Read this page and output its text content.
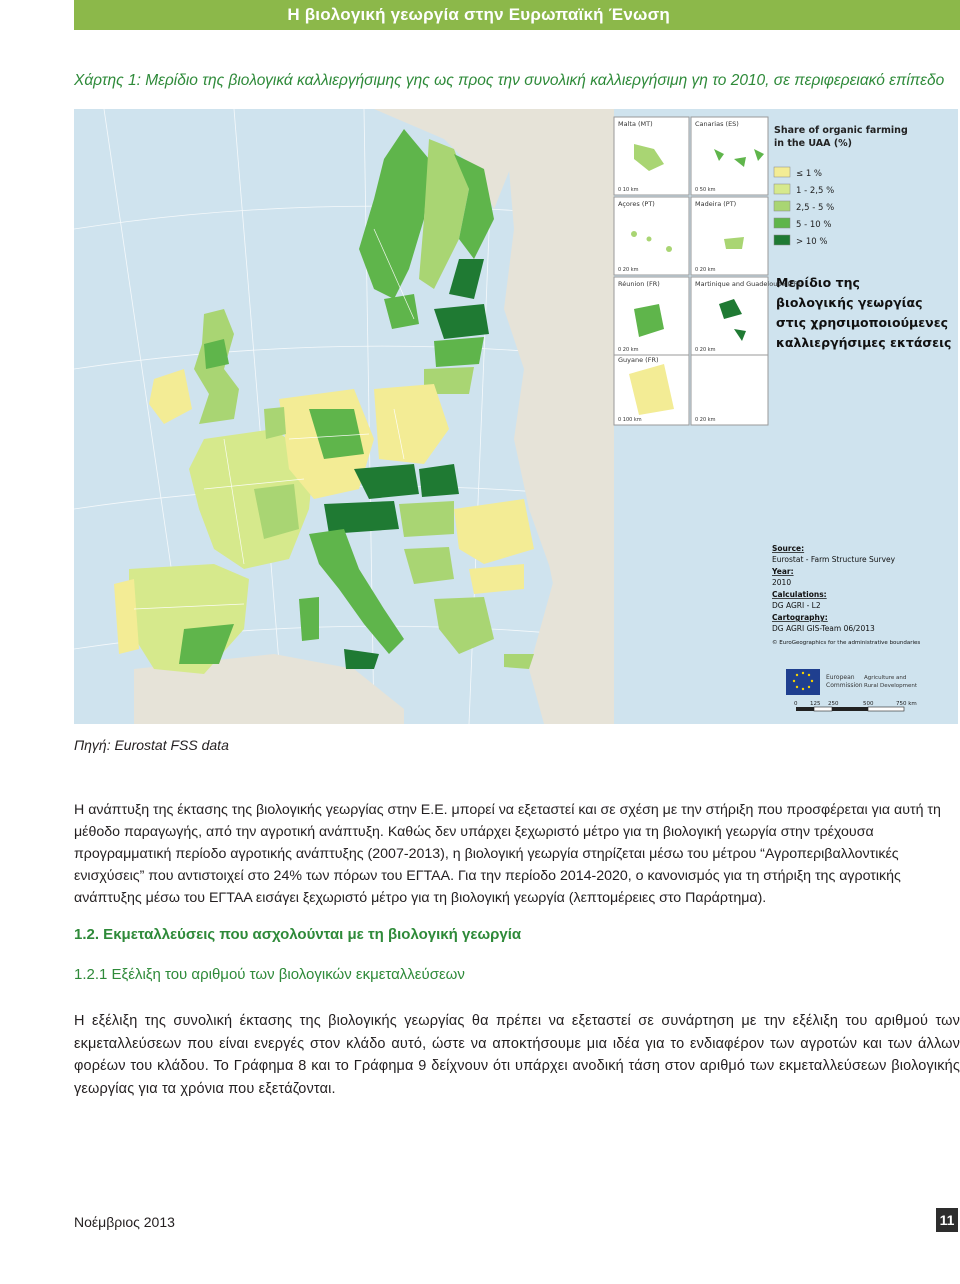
Η βιολογική γεωργία στην Ευρωπαϊκή Ένωση
Χάρτης 1: Μερίδιο της βιολογικά καλλιεργήσιμης γης ως προς την συνολική καλλιεργήσιμη γη το 2010, σε περιφερειακό επίπεδο
Malta (MT)	Canarias (ES)
Açores (PT)	Madeira (PT)
Réunion (FR)	Martinique and Guadeloupe (FR)
Guyane (FR)
0 10 km	0 50 km
0 20 km	0 20 km
0 20 km	0 20 km
0 100 km	0 20 km
Share of organic farming
in the UAA (%)
≤ 1 %
1 - 2,5 %
2,5 - 5 %
5 - 10 %
> 10 %
Μερίδιο της
βιολογικής γεωργίας
στις χρησιμοποιούμενες
καλλιεργήσιμες εκτάσεις
Source:
Eurostat - Farm Structure Survey
Year:
2010
Calculations:
DG AGRI - L2
Cartography:
DG AGRI GIS-Team 06/2013
© EuroGeographics for the administrative boundaries
European
Commission
Agriculture and
Rural Development
0 125 250	500	750 km
Πηγή: Eurostat FSS data
Η ανάπτυξη της έκτασης της βιολογικής γεωργίας στην Ε.Ε. μπορεί να εξεταστεί και σε σχέση με την στήριξη που προσφέρεται για αυτή τη μέθοδο παραγωγής, από την αγροτική ανάπτυξη. Καθώς δεν υπάρχει ξεχωριστό μέτρο για τη βιολογική γεωργία στην τρέχουσα προγραμματική περίοδο αγροτικής ανάπτυξης (2007-2013), η βιολογική γεωργία στηρίζεται μέσω του μέτρου “Αγροπεριβαλλοντικές ενισχύσεις” που αντιστοιχεί στο 24% των πόρων του ΕΓΤΑΑ. Για την περίοδο 2014-2020, ο κανονισμός για τη στήριξη της αγροτικής ανάπτυξης μέσω του ΕΓΤΑΑ εισάγει ξεχωριστό μέτρο για τη βιολογική γεωργία (λεπτομέρειες στο Παράρτημα).
1.2. Εκμεταλλεύσεις που ασχολούνται με τη βιολογική γεωργία
1.2.1 Εξέλιξη του αριθμού των βιολογικών εκμεταλλεύσεων
Η εξέλιξη της συνολική έκτασης της βιολογικής γεωργίας θα πρέπει να εξεταστεί σε συνάρτηση με την εξέλιξη του αριθμού των εκμεταλλεύσεων που είναι ενεργές στον κλάδο αυτό, ώστε να αποκτήσουμε μια ιδέα για το ενδιαφέρον των αγροτών και των άλλων φορέων του κλάδου. Το Γράφημα 8 και το Γράφημα 9 δείχνουν ότι υπάρχει ανοδική τάση στον αριθμό των εκμεταλλεύσεων βιολογικής γεωργίας για τα χρόνια που εξετάζονται.
Νοέμβριος 2013	11
